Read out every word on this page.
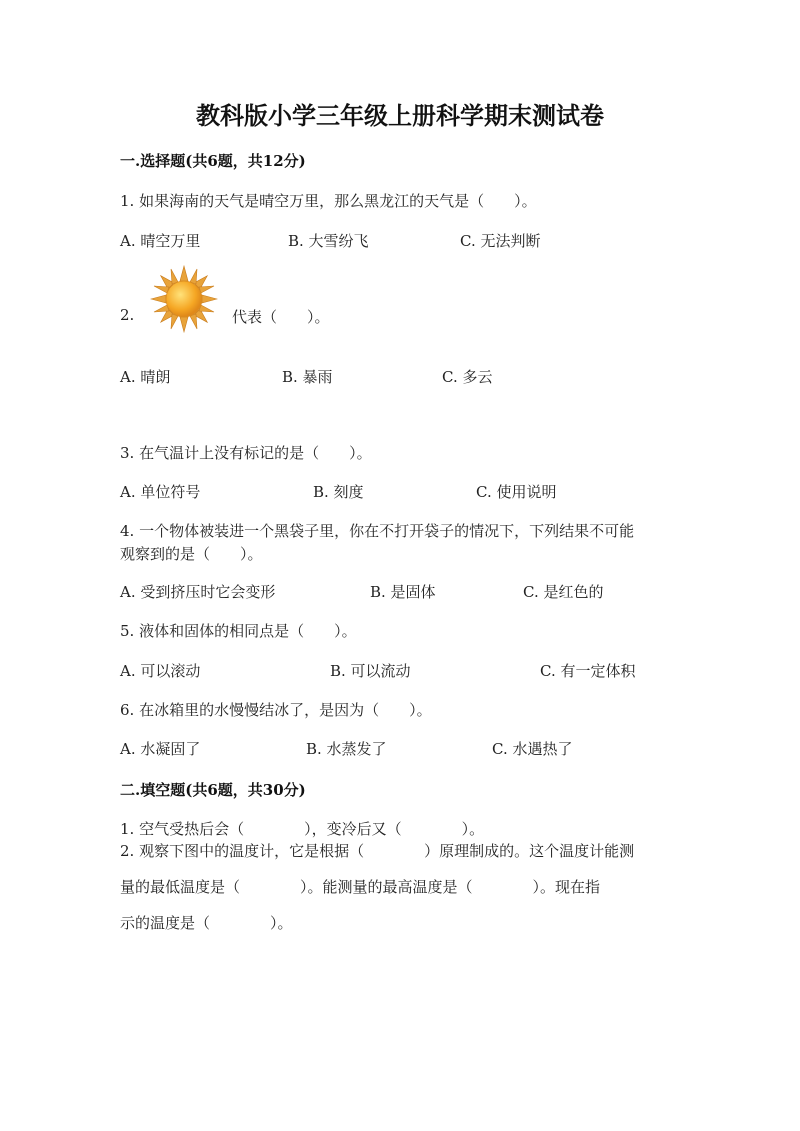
教科版小学三年级上册科学期末测试卷
一.选择题(共6题，共12分)
1. 如果海南的天气是晴空万里，那么黑龙江的天气是（　　）。
A. 晴空万里	B. 大雪纷飞	C. 无法判断
2.	代表（　　）。
A. 晴朗	B. 暴雨	C. 多云
3. 在气温计上没有标记的是（　　）。
A. 单位符号	B. 刻度	C. 使用说明
4. 一个物体被装进一个黑袋子里，你在不打开袋子的情况下，下列结果不可能
观察到的是（　　）。
A. 受到挤压时它会变形	B. 是固体	C. 是红色的
5. 液体和固体的相同点是（　　）。
A. 可以滚动	B. 可以流动	C. 有一定体积
6. 在冰箱里的水慢慢结冰了，是因为（　　）。
A. 水凝固了	B. 水蒸发了	C. 水遇热了
二.填空题(共6题，共30分)
1. 空气受热后会（　　　　），变冷后又（　　　　）。
2. 观察下图中的温度计，它是根据（　　　　）原理制成的。这个温度计能测
量的最低温度是（　　　　）。能测量的最高温度是（　　　　）。现在指
示的温度是（　　　　）。
